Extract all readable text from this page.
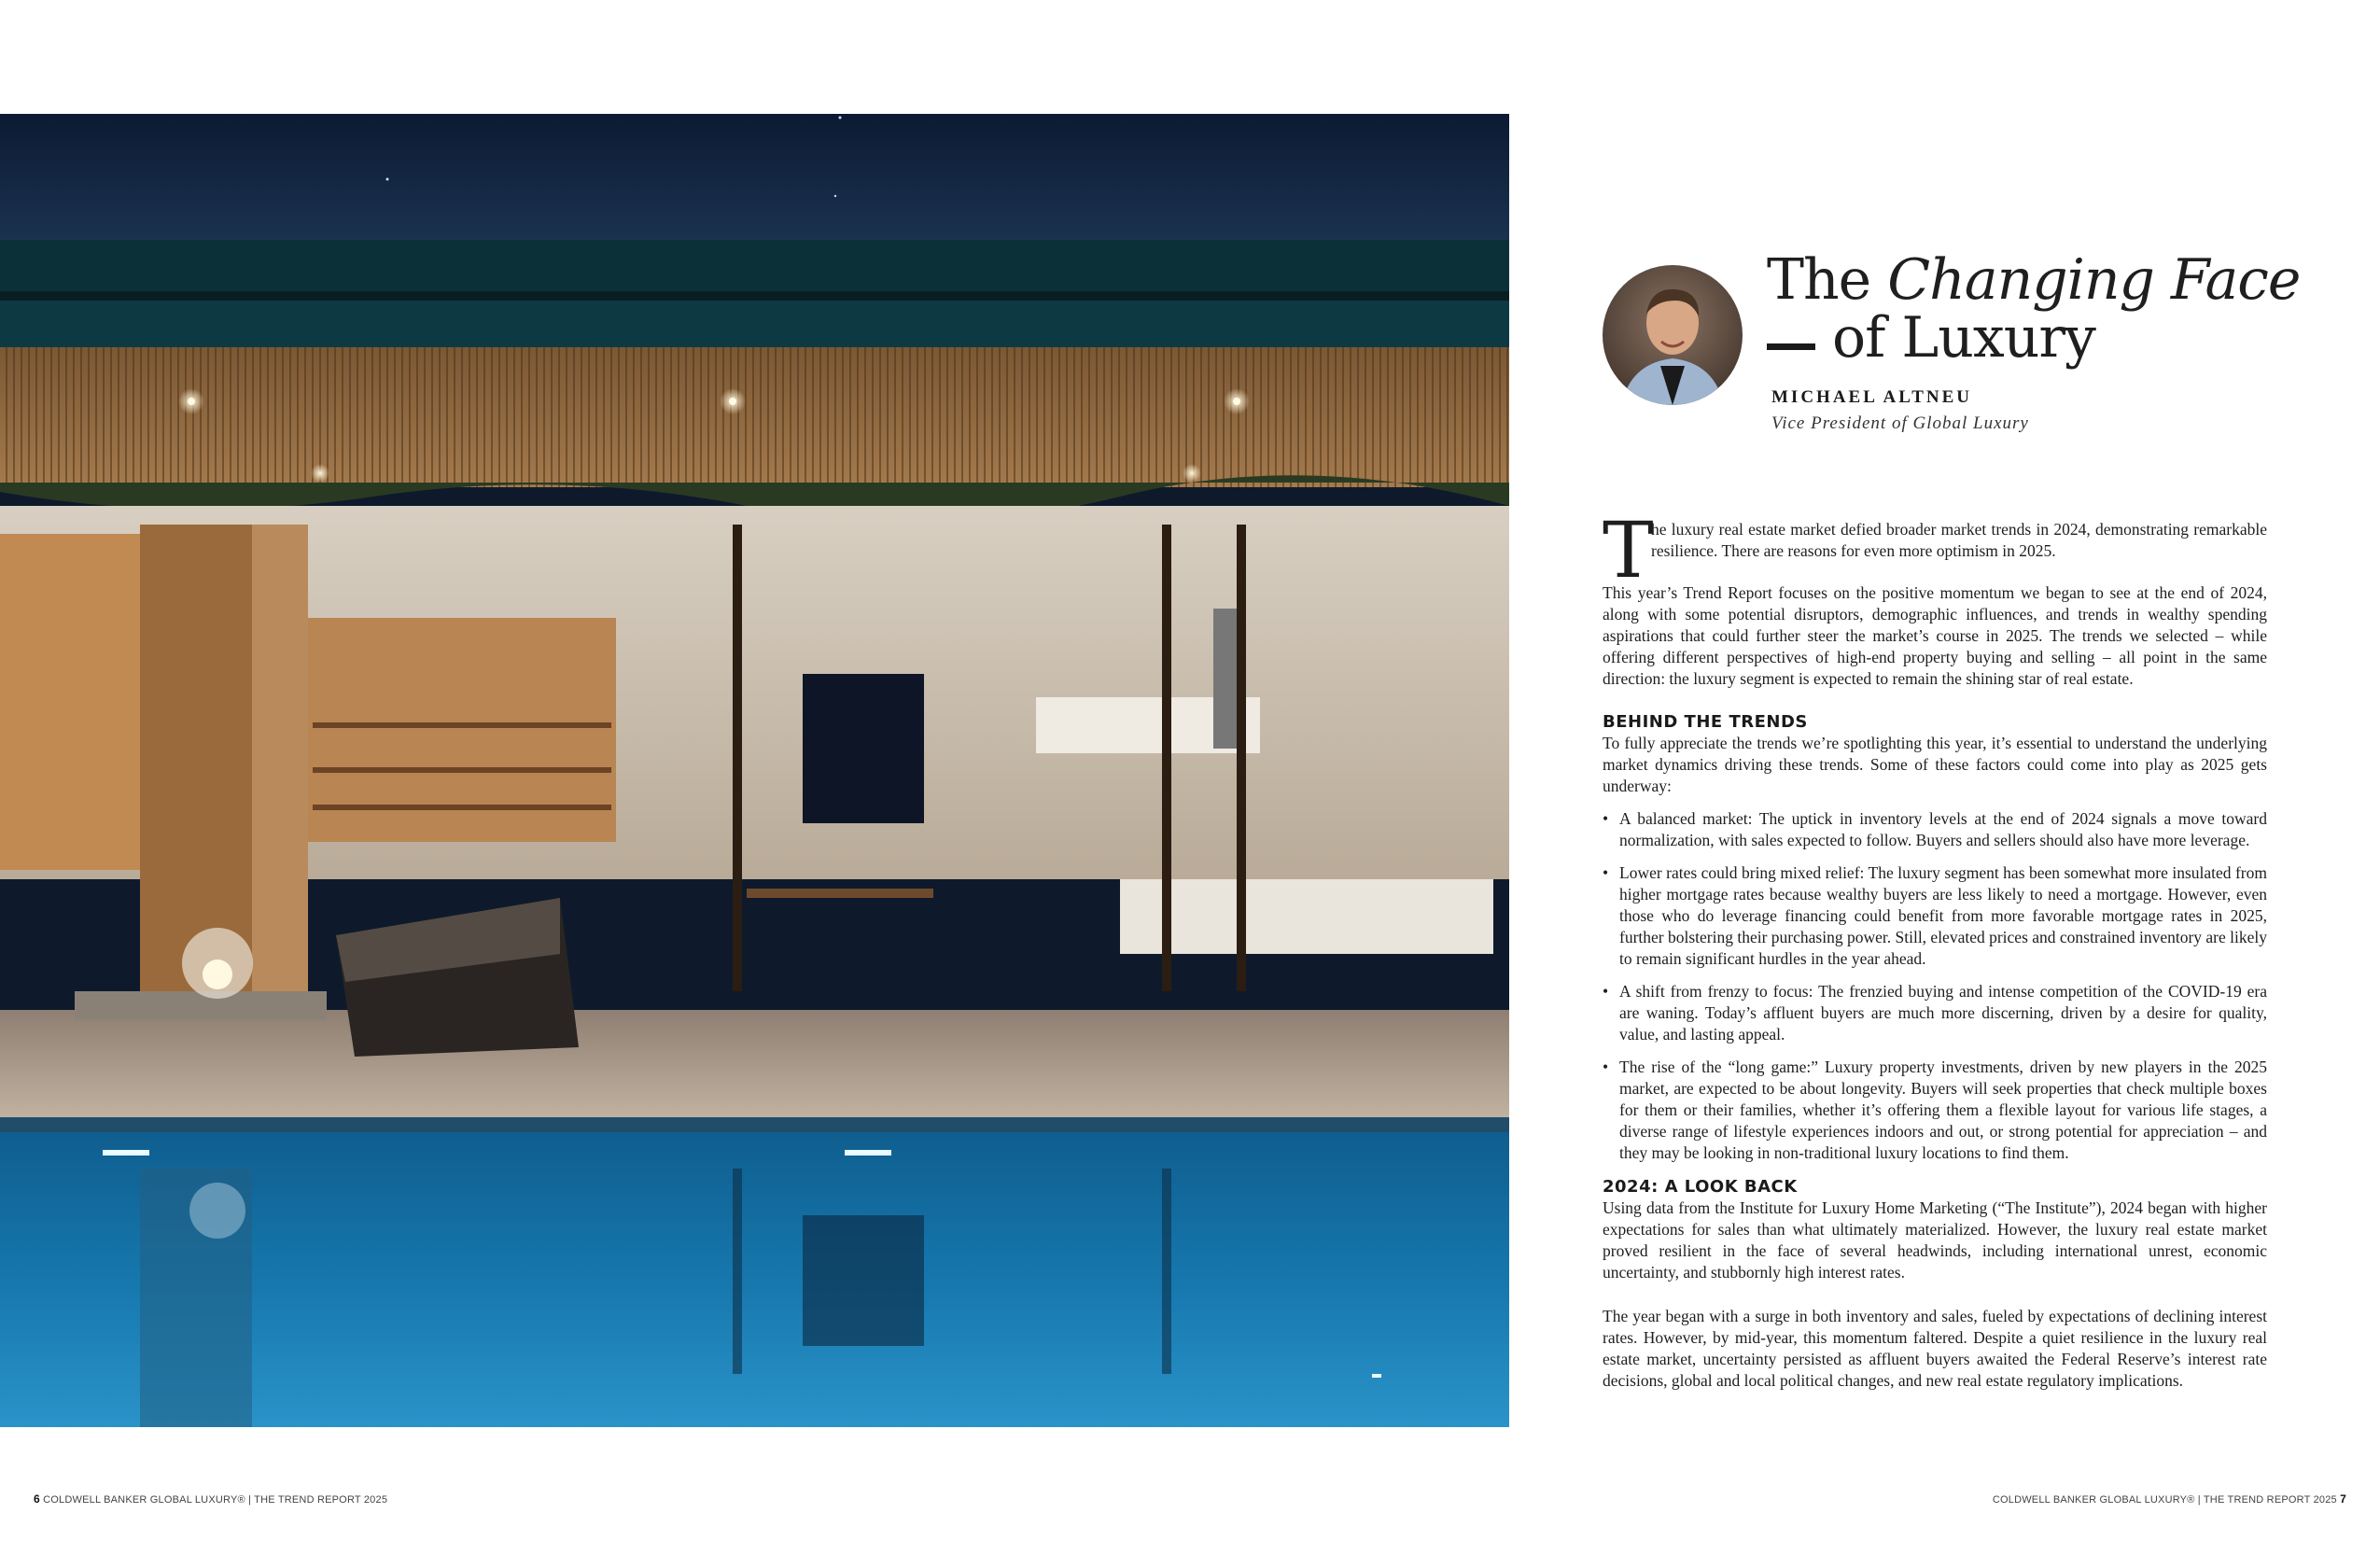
The Changing Face
of Luxury
MICHAEL ALTNEU
Vice President of Global Luxury

T
he luxury real estate market defied broader market trends in 2024, demonstrating remarkable resilience. There are reasons for even more optimism in 2025.

This year’s Trend Report focuses on the positive momentum we began to see at the end of 2024, along with some potential disruptors, demographic influences, and trends in wealthy spending aspirations that could further steer the market’s course in 2025. The trends we selected – while offering different perspectives of high-end property buying and selling – all point in the same direction: the luxury segment is expected to remain the shining star of real estate.

BEHIND THE TRENDS

To fully appreciate the trends we’re spotlighting this year, it’s essential to understand the underlying market dynamics driving these trends. Some of these factors could come into play as 2025 gets underway:

• A balanced market: The uptick in inventory levels at the end of 2024 signals a move toward normalization, with sales expected to follow. Buyers and sellers should also have more leverage.
• Lower rates could bring mixed relief: The luxury segment has been somewhat more insulated from higher mortgage rates because wealthy buyers are less likely to need a mortgage. However, even those who do leverage financing could benefit from more favorable mortgage rates in 2025, further bolstering their purchasing power. Still, elevated prices and constrained inventory are likely to remain significant hurdles in the year ahead.
• A shift from frenzy to focus: The frenzied buying and intense competition of the COVID-19 era are waning. Today’s affluent buyers are much more discerning, driven by a desire for quality, value, and lasting appeal.
• The rise of the “long game:” Luxury property investments, driven by new players in the 2025 market, are expected to be about longevity. Buyers will seek properties that check multiple boxes for them or their families, whether it’s offering them a flexible layout for various life stages, a diverse range of lifestyle experiences indoors and out, or strong potential for appreciation – and they may be looking in non-traditional luxury locations to find them.
2024: A LOOK BACK

Using data from the Institute for Luxury Home Marketing (“The Institute”), 2024 began with higher expectations for sales than what ultimately materialized. However, the luxury real estate market proved resilient in the face of several headwinds, including international unrest, economic uncertainty, and stubbornly high interest rates.

The year began with a surge in both inventory and sales, fueled by expectations of declining interest rates. However, by mid-year, this momentum faltered. Despite a quiet resilience in the luxury real estate market, uncertainty persisted as affluent buyers awaited the Federal Reserve’s interest rate decisions, global and local political changes, and new real estate regulatory implications.

6 COLDWELL BANKER GLOBAL LUXURY® | THE TREND REPORT 2025	COLDWELL BANKER GLOBAL LUXURY® | THE TREND REPORT 2025 7
